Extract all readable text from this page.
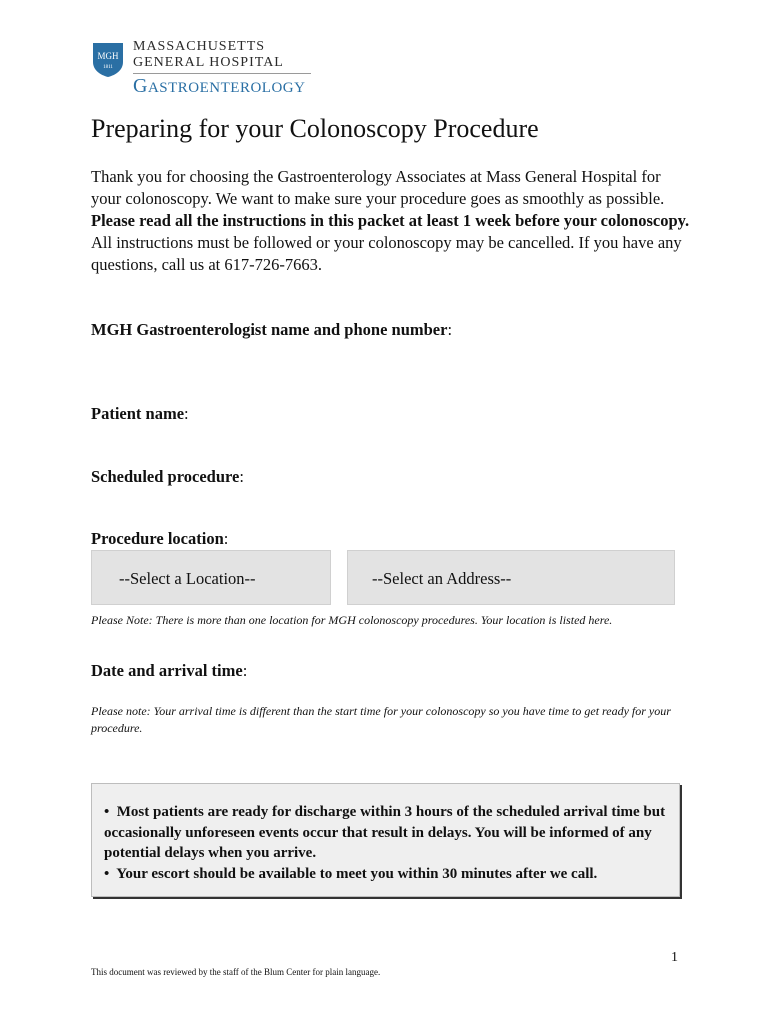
MGH
1811
MASSACHUSETTS
GENERAL HOSPITAL
GASTROENTEROLOGY
Preparing for your Colonoscopy Procedure
Thank you for choosing the Gastroenterology Associates at Mass General Hospital for your colonoscopy. We want to make sure your procedure goes as smoothly as possible. Please read all the instructions in this packet at least 1 week before your colonoscopy. All instructions must be followed or your colonoscopy may be cancelled. If you have any questions, call us at 617-726-7663.
MGH Gastroenterologist name and phone number:
Patient name:
Scheduled procedure:
Procedure location:
--Select a Location--	--Select an Address--
Please Note: There is more than one location for MGH colonoscopy procedures. Your location is listed here.
Date and arrival time:
Please note: Your arrival time is different than the start time for your colonoscopy so you have time to get ready for your procedure.

• Most patients are ready for discharge within 3 hours of the scheduled arrival time but occasionally unforeseen events occur that result in delays. You will be informed of any potential delays when you arrive.

• Your escort should be available to meet you within 30 minutes after we call.

1
This document was reviewed by the staff of the Blum Center for plain language.
